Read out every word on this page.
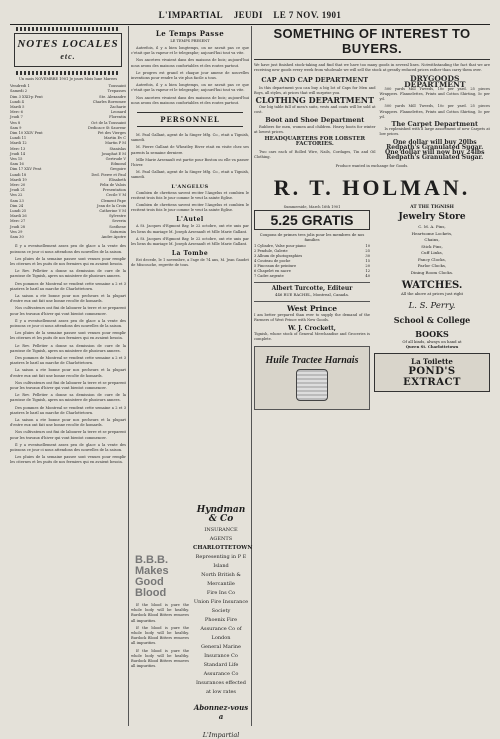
L'IMPARTIAL JEUDI LE 7 NOV. 1901
NOTES LOCALES etc.
Un mois NOVEMBRE 1901 Je jours Mois lune Marees
Vendredi 1	Toussaint
Samedi 2	Trepasses
Dim 3 XXII-p Pent	Ste. Alexandre
Lundi 4	Charles Borromee
Mardi 5	Zacharie
Merc 6	Leonard
Jeudi 7	Florentin
Ven 8	Oct de la Toussaint
Sam 9	Dedicace St Sauveur
Dim 10 XXIV Pent	Fet des Vierges
Lundi 11	Martin Ev C
Mardi 12	Martin P M
Merc 13	Stanislas
Jeudi 14	Josaphat E M
Ven 15	Gertrude V
Sam 16	Edmond
Dim 17 XXV Pent	Gregoire
Lundi 18	Ded. Pierre et Paul
Mardi 19	Elisabeth
Merc 20	Felix de Valois
Jeudi 21	Presentation
Ven 22	Cecile V M
Sam 23	Clement Pape
Dim 24	Jean de la Croix
Lundi 25	Catherine V M
Mardi 26	Sylvestre
Merc 27	Severin
Jeudi 28	Sosthene
Ven 29	Saturnin
Sam 30	Andre Apotre

Il y a eventuellement assez peu de glace a la vente des poissons ce jour ci nous attendons des nouvelles de la saison.

Les pluies de la semaine passee sont venues pour remplir les citernes et les puits de nos fermiers qui en avaient besoin.

Le Rev. Pelletier a donne sa demission de cure de la paroisse de Tignish, apres un ministere de plusieurs annees.

Des pommes de Montreal se vendent cette semaine a 2 et 3 piastres le baril au marche de Charlottetown.

La saison a ete bonne pour nos pecheurs et la plupart d'entre eux ont fait une bonne recolte de homards.

Nos cultivateurs ont fini de labourer la terre et se preparent pour les travaux d'hiver qui vont bientot commencer.

Il y a eventuellement assez peu de glace a la vente des poissons ce jour ci nous attendons des nouvelles de la saison.

Les pluies de la semaine passee sont venues pour remplir les citernes et les puits de nos fermiers qui en avaient besoin.

Le Rev. Pelletier a donne sa demission de cure de la paroisse de Tignish, apres un ministere de plusieurs annees.

Des pommes de Montreal se vendent cette semaine a 2 et 3 piastres le baril au marche de Charlottetown.

La saison a ete bonne pour nos pecheurs et la plupart d'entre eux ont fait une bonne recolte de homards.

Nos cultivateurs ont fini de labourer la terre et se preparent pour les travaux d'hiver qui vont bientot commencer.

Le Rev. Pelletier a donne sa demission de cure de la paroisse de Tignish, apres un ministere de plusieurs annees.

Des pommes de Montreal se vendent cette semaine a 2 et 3 piastres le baril au marche de Charlottetown.

La saison a ete bonne pour nos pecheurs et la plupart d'entre eux ont fait une bonne recolte de homards.

Nos cultivateurs ont fini de labourer la terre et se preparent pour les travaux d'hiver qui vont bientot commencer.

Il y a eventuellement assez peu de glace a la vente des poissons ce jour ci nous attendons des nouvelles de la saison.

Les pluies de la semaine passee sont venues pour remplir les citernes et les puits de nos fermiers qui en avaient besoin.

Le Temps Passe
LE TEMPS PRESENT

Autrefois, il y a bien longtemps, on ne savait pas ce que c'etait que la vapeur et le telegraphe; aujourd'hui tout va vite.

Nos ancetres vivaient dans des maisons de bois; aujourd'hui nous avons des maisons confortables et des routes partout.

Le progres est grand et chaque jour amene de nouvelles inventions pour rendre la vie plus facile a tous.

Autrefois, il y a bien longtemps, on ne savait pas ce que c'etait que la vapeur et le telegraphe; aujourd'hui tout va vite.

Nos ancetres vivaient dans des maisons de bois; aujourd'hui nous avons des maisons confortables et des routes partout.

PERSONNEL

M. Paul Gallant, agent de la Singer Mfg. Co., etait a Tignish, samedi.

M. Pierre Gallant de Wheatley River etait en visite chez ses parents la semaine derniere.

Mlle Marie Arsenault est partie pour Boston ou elle va passer l'hiver.

M. Paul Gallant, agent de la Singer Mfg. Co., etait a Tignish, samedi.

L'ANGELUS

Combien de chretiens savent reciter l'Angelus et combien le recitent trois fois le jour comme le veut la sainte Eglise.

Combien de chretiens savent reciter l'Angelus et combien le recitent trois fois le jour comme le veut la sainte Eglise.

L'Autel

A St. Jacques d'Egmont Bay, le 22 octobre, ont ete unis par les liens du mariage M. Joseph Arsenault et Mlle Marie Gallant.

A St. Jacques d'Egmont Bay, le 22 octobre, ont ete unis par les liens du mariage M. Joseph Arsenault et Mlle Marie Gallant.

La Tombe

Est decede, le 1 novembre, a l'age de 74 ans, M. Jean Gaudet de Miscouche, regrette de tous.

B.B.B. Makes Good Blood

If the blood is pure the whole body will be healthy. Burdock Blood Bitters removes all impurities.

If the blood is pure the whole body will be healthy. Burdock Blood Bitters removes all impurities.

If the blood is pure the whole body will be healthy. Burdock Blood Bitters removes all impurities.

Hyndman & Co
INSURANCE AGENTS
CHARLOTTETOWN
Representing in P E Island
North British & Mercantile
Fire Ins Co
Union Fire Insurance Society
Phoenix Fire Assurance Co of London
General Marine Insurance Co
Standard Life Assurance Co
Insurances effected at low rates
Abonnez-vous a
L'Impartial
SOMETHING OF INTEREST TO BUYERS.
We have just finished stock-taking and find that we have too many goods in several lines. Notwithstanding the fact that we are receiving new goods every week from wholesale we will sell the stock at greatly reduced prices rather than carry them over.
CAP AND CAP DEPARTMENT

In this department you can buy a big lot of Caps for Men and Boys, all styles, at prices that will surprise you.

CLOTHING DEPARTMENT

Our big table full of men's suits, vests and coats will be sold at cost.

Boot and Shoe Department

Rubbers for men, women and children. Heavy boots for winter at lowest prices.

HEADQUARTERS FOR LOBSTER FACTORIES.

Two cars each of Rolled Wire, Nails, Cordages, Tin and Oil Clothing.

DRYGOODS DEPARTMENT

500 yards Mill Tweeds, 10c per yard. 25 pieces Wrappers. Flannelettes, Prints and Cotton Shirting, 5c per yd.

500 yards Mill Tweeds, 10c per yard. 25 pieces Wrappers. Flannelettes, Prints and Cotton Shirting, 5c per yd.

The Carpet Department

Is replenished with a large assortment of new Carpets at low prices.

One dollar will buy 20lbs Redpath's Granulated Sugar.
One dollar will now buy 24lbs Redpath's Granulated Sugar.
Produce wanted in exchange for Goods.
R. T. HOLMAN.
Summerside, March 16th 1901
5.25 GRATIS
Coupons de primes tres jolis pour les membres de nos families
1 Cylindre, Valse pour piano	10
2 Pendule, Galerie	25
3 Album de photographies	30
4 Couteau de poche	15
5 Pinceaux de peinture	20
6 Chapelet en nacre	12
7 Cadre argente	40
Albert Turcotte, Editeur
446 RUE RACHEL, Montreal, Canada.
West Prince
I am better prepared than ever to supply the demand of the Farmers of West Prince with New Goods.
W. J. Crockett,
Tignish, whose stock of General Merchandise and Groceries is complete.
Huile Tractee Harnais
AT THE TIGNISH
Jewelry Store
C. M. A. Pins,
Heartsome Lockets,
Chains,
Stick Pins,
Cuff Links,
Fancy Clocks,
Parlor Clocks,
Dining Room Clocks.
WATCHES.
All the above at prices just right
L. S. Perry.
School & College
BOOKS
Of all kinds, always on hand at
Queen St. Charlottetown
La Toilette
POND'S EXTRACT
